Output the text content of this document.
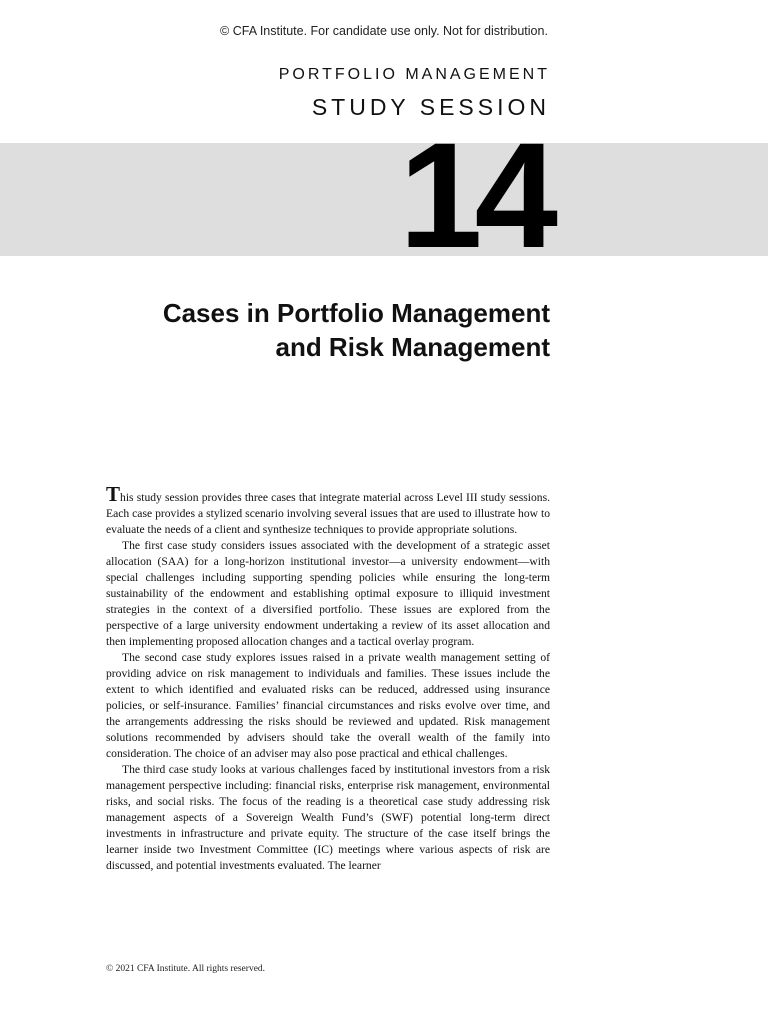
© CFA Institute. For candidate use only. Not for distribution.
PORTFOLIO MANAGEMENT
STUDY SESSION
14
Cases in Portfolio Management
and Risk Management

This study session provides three cases that integrate material across Level III study sessions. Each case provides a stylized scenario involving several issues that are used to illustrate how to evaluate the needs of a client and synthesize techniques to provide appropriate solutions.

The first case study considers issues associated with the development of a strategic asset allocation (SAA) for a long-horizon institutional investor—a university endowment—with special challenges including supporting spending policies while ensuring the long-term sustainability of the endowment and establishing optimal exposure to illiquid investment strategies in the context of a diversified portfolio. These issues are explored from the perspective of a large university endowment undertaking a review of its asset allocation and then implementing proposed allocation changes and a tactical overlay program.

The second case study explores issues raised in a private wealth management setting of providing advice on risk management to individuals and families. These issues include the extent to which identified and evaluated risks can be reduced, addressed using insurance policies, or self-insurance. Families’ financial circumstances and risks evolve over time, and the arrangements addressing the risks should be reviewed and updated. Risk management solutions recommended by advisers should take the overall wealth of the family into consideration. The choice of an adviser may also pose practical and ethical challenges.

The third case study looks at various challenges faced by institutional investors from a risk management perspective including: financial risks, enterprise risk management, environmental risks, and social risks. The focus of the reading is a theoretical case study addressing risk management aspects of a Sovereign Wealth Fund’s (SWF) potential long-term direct investments in infrastructure and private equity. The structure of the case itself brings the learner inside two Investment Committee (IC) meetings where various aspects of risk are discussed, and potential investments evaluated. The learner

© 2021 CFA Institute. All rights reserved.
